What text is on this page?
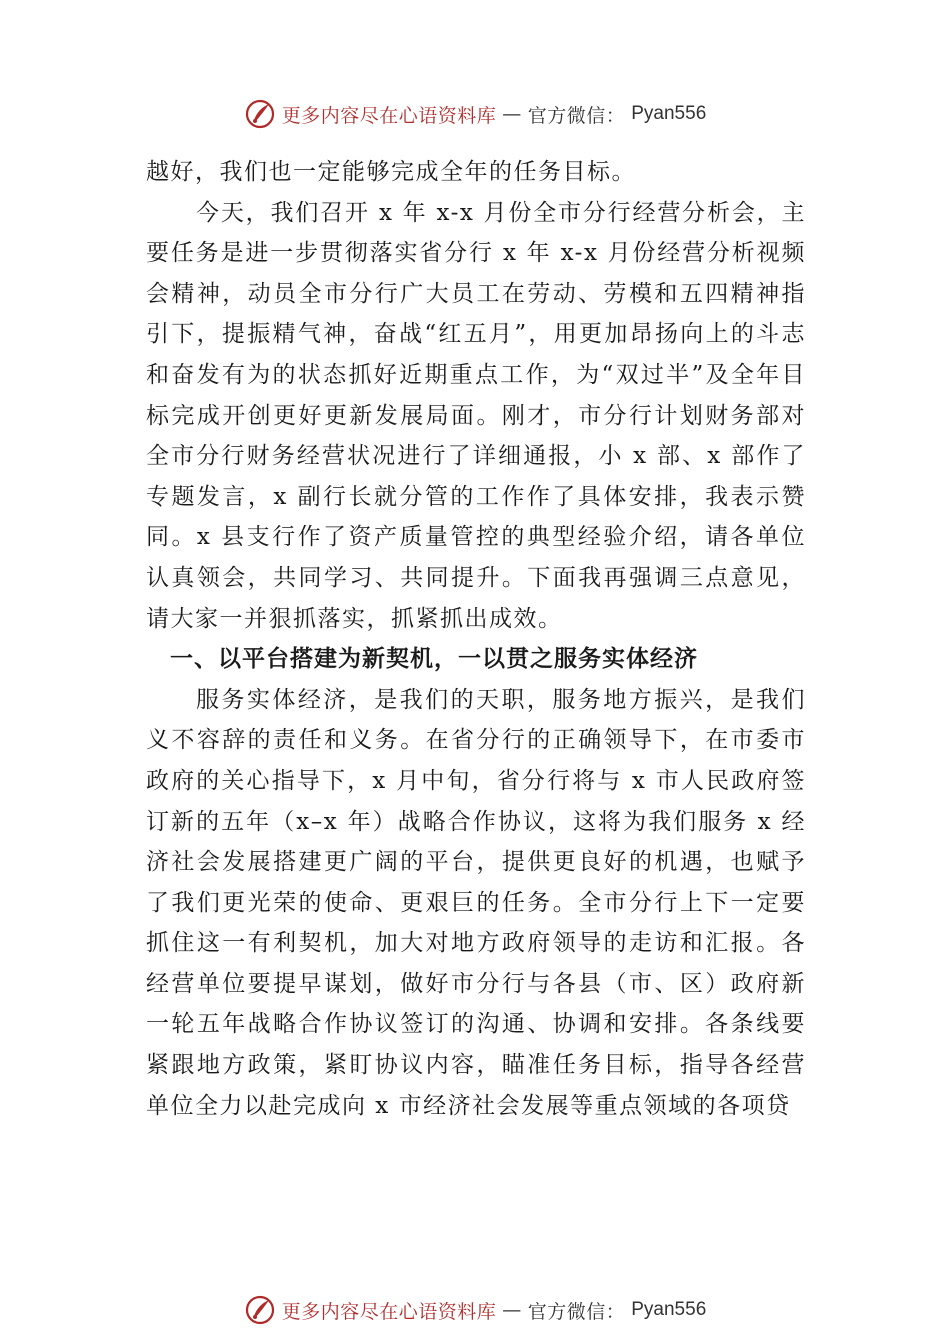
更多内容尽在心语资料库 — 官方微信： Pyan556

越好，我们也一定能够完成全年的任务目标。

今天，我们召开 x 年 x-x 月份全市分行经营分析会，主要任务是进一步贯彻落实省分行 x 年 x-x 月份经营分析视频会精神，动员全市分行广大员工在劳动、劳模和五四精神指引下，提振精气神，奋战“红五月”，用更加昂扬向上的斗志和奋发有为的状态抓好近期重点工作，为“双过半”及全年目标完成开创更好更新发展局面。刚才，市分行计划财务部对全市分行财务经营状况进行了详细通报，小 x 部、x 部作了专题发言，x 副行长就分管的工作作了具体安排，我表示赞同。x 县支行作了资产质量管控的典型经验介绍，请各单位认真领会，共同学习、共同提升。下面我再强调三点意见， 请大家一并狠抓落实，抓紧抓出成效。

一、以平台搭建为新契机，一以贯之服务实体经济

服务实体经济，是我们的天职，服务地方振兴，是我们义不容辞的责任和义务。在省分行的正确领导下，在市委市政府的关心指导下，x 月中旬，省分行将与 x 市人民政府签订新的五年（x–x 年）战略合作协议，这将为我们服务 x 经济社会发展搭建更广阔的平台，提供更良好的机遇，也赋予了我们更光荣的使命、更艰巨的任务。全市分行上下一定要抓住这一有利契机，加大对地方政府领导的走访和汇报。各经营单位要提早谋划，做好市分行与各县（市、区）政府新一轮五年战略合作协议签订的沟通、协调和安排。各条线要紧跟地方政策，紧盯协议内容，瞄准任务目标，指导各经营单位全力以赴完成向 x 市经济社会发展等重点领域的各项贷

更多内容尽在心语资料库 — 官方微信： Pyan556
